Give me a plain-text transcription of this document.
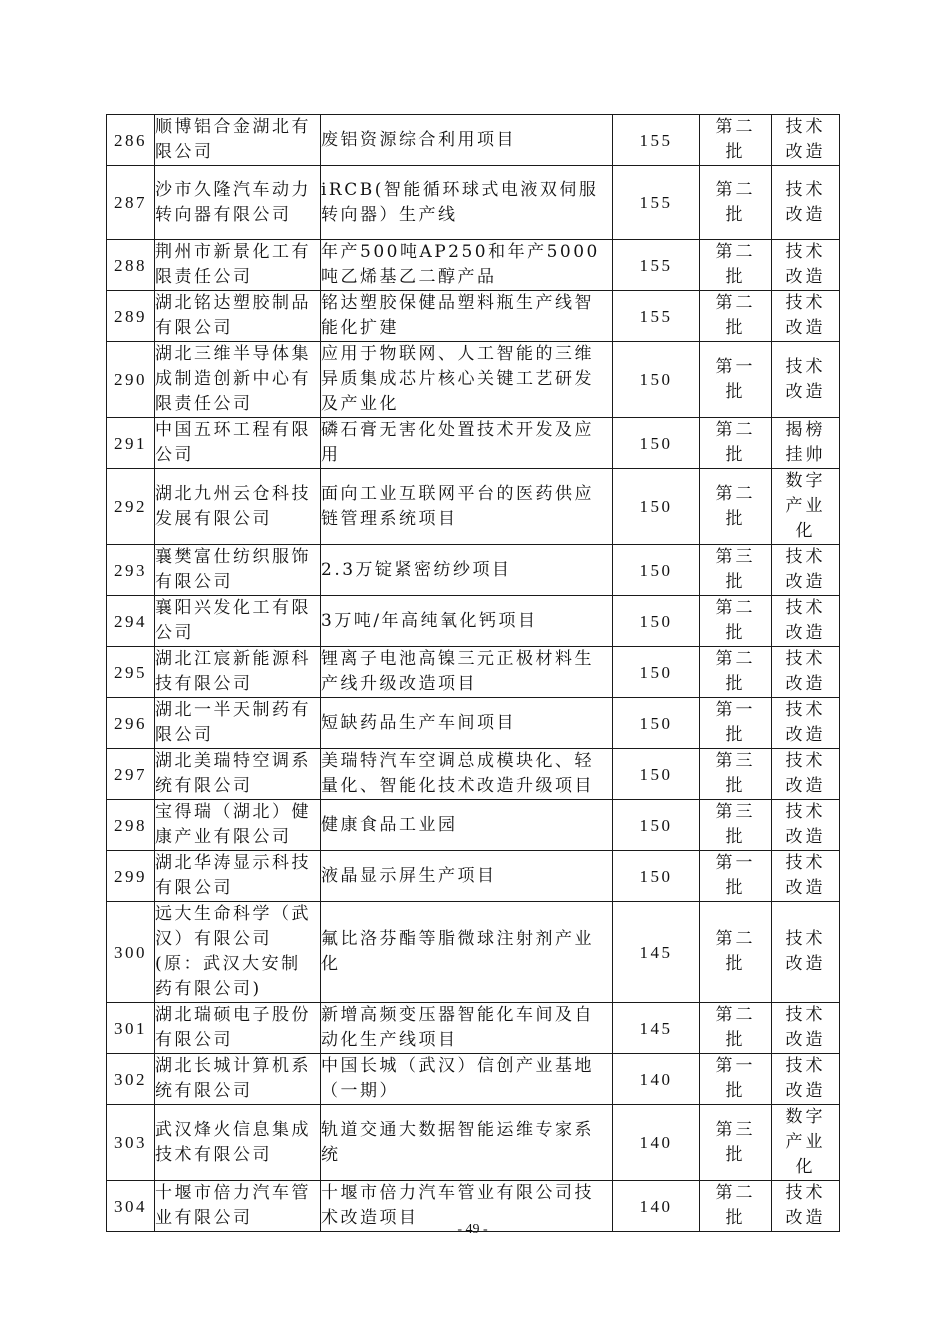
286	顺博铝合金湖北有限公司	废铝资源综合利用项目	155	第二批	技术改造
287	沙市久隆汽车动力转向器有限公司	iRCB(智能循环球式电液双伺服转向器）生产线	155	第二批	技术改造
288	荆州市新景化工有限责任公司	年产500吨AP250和年产5000吨乙烯基乙二醇产品	155	第二批	技术改造
289	湖北铭达塑胶制品有限公司	铭达塑胶保健品塑料瓶生产线智能化扩建	155	第二批	技术改造
290	湖北三维半导体集成制造创新中心有限责任公司	应用于物联网、人工智能的三维异质集成芯片核心关键工艺研发及产业化	150	第一批	技术改造
291	中国五环工程有限公司	磷石膏无害化处置技术开发及应用	150	第二批	揭榜挂帅
292	湖北九州云仓科技发展有限公司	面向工业互联网平台的医药供应链管理系统项目	150	第二批	数字产业化
293	襄樊富仕纺织服饰有限公司	2.3万锭紧密纺纱项目	150	第三批	技术改造
294	襄阳兴发化工有限公司	3万吨/年高纯氧化钙项目	150	第二批	技术改造
295	湖北江宸新能源科技有限公司	锂离子电池高镍三元正极材料生产线升级改造项目	150	第二批	技术改造
296	湖北一半天制药有限公司	短缺药品生产车间项目	150	第一批	技术改造
297	湖北美瑞特空调系统有限公司	美瑞特汽车空调总成模块化、轻量化、智能化技术改造升级项目	150	第三批	技术改造
298	宝得瑞（湖北）健康产业有限公司	健康食品工业园	150	第三批	技术改造
299	湖北华涛显示科技有限公司	液晶显示屏生产项目	150	第一批	技术改造
300	远大生命科学（武汉）有限公司(原：武汉大安制药有限公司)	氟比洛芬酯等脂微球注射剂产业化	145	第二批	技术改造
301	湖北瑞硕电子股份有限公司	新增高频变压器智能化车间及自动化生产线项目	145	第二批	技术改造
302	湖北长城计算机系统有限公司	中国长城（武汉）信创产业基地（一期）	140	第一批	技术改造
303	武汉烽火信息集成技术有限公司	轨道交通大数据智能运维专家系统	140	第三批	数字产业化
304	十堰市倍力汽车管业有限公司	十堰市倍力汽车管业有限公司技术改造项目	140	第二批	技术改造
- 49 -
